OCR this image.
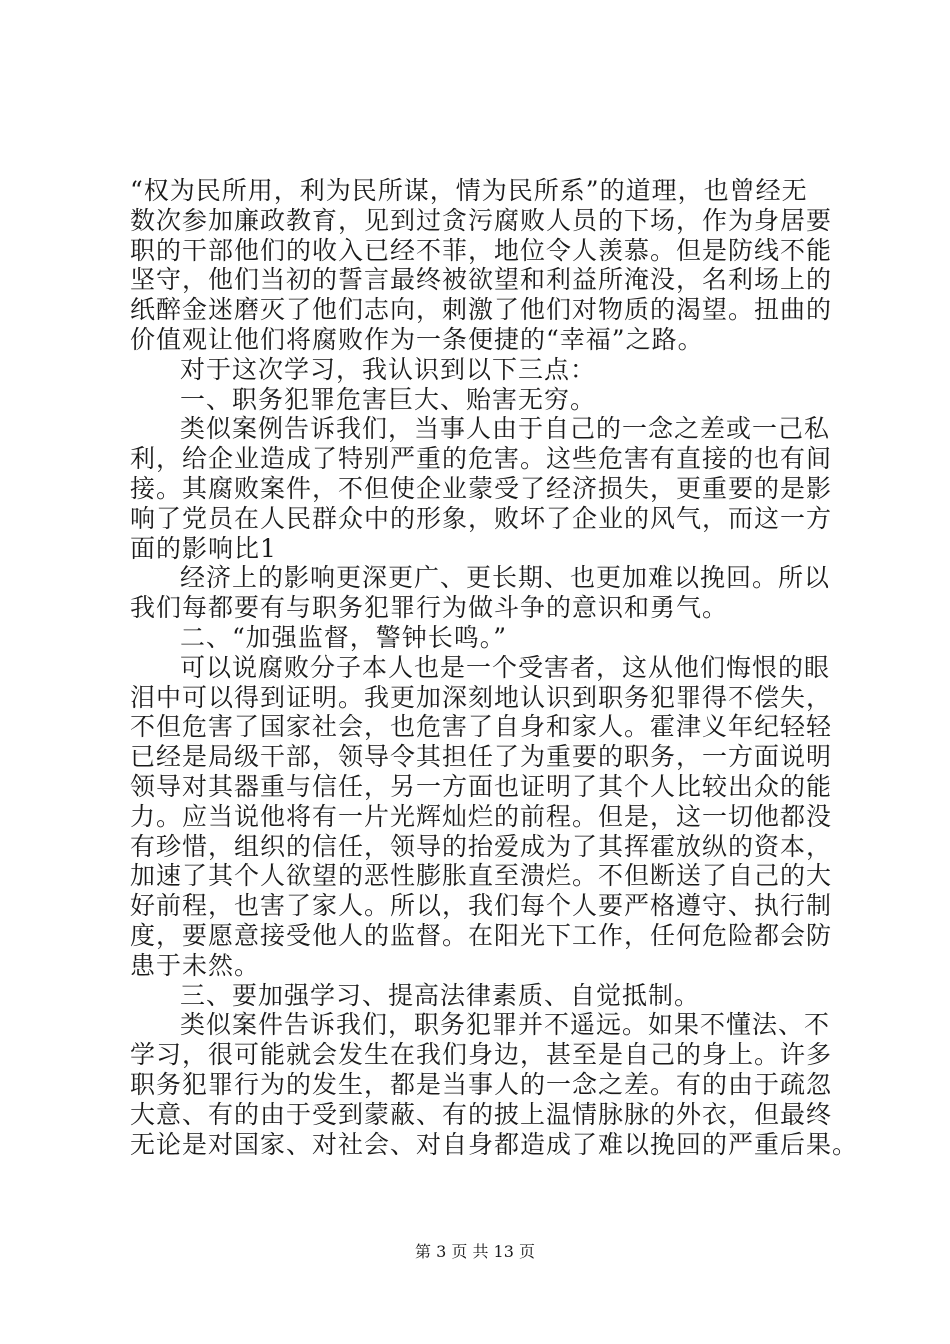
“权为民所用，利为民所谋，情为民所系”的道理，也曾经无
数次参加廉政教育，见到过贪污腐败人员的下场，作为身居要
职的干部他们的收入已经不菲，地位令人羡慕。但是防线不能
坚守，他们当初的誓言最终被欲望和利益所淹没，名利场上的
纸醉金迷磨灭了他们志向，刺激了他们对物质的渴望。扭曲的
价值观让他们将腐败作为一条便捷的“幸福”之路。
对于这次学习，我认识到以下三点：
一、职务犯罪危害巨大、贻害无穷。
类似案例告诉我们，当事人由于自己的一念之差或一己私
利，给企业造成了特别严重的危害。这些危害有直接的也有间
接。其腐败案件，不但使企业蒙受了经济损失，更重要的是影
响了党员在人民群众中的形象，败坏了企业的风气，而这一方
面的影响比1
经济上的影响更深更广、更长期、也更加难以挽回。所以
我们每都要有与职务犯罪行为做斗争的意识和勇气。
二、“加强监督，警钟长鸣。”
可以说腐败分子本人也是一个受害者，这从他们悔恨的眼
泪中可以得到证明。我更加深刻地认识到职务犯罪得不偿失，
不但危害了国家社会，也危害了自身和家人。霍津义年纪轻轻
已经是局级干部，领导令其担任了为重要的职务，一方面说明
领导对其器重与信任，另一方面也证明了其个人比较出众的能
力。应当说他将有一片光辉灿烂的前程。但是，这一切他都没
有珍惜，组织的信任，领导的抬爱成为了其挥霍放纵的资本，
加速了其个人欲望的恶性膨胀直至溃烂。不但断送了自己的大
好前程，也害了家人。所以，我们每个人要严格遵守、执行制
度，要愿意接受他人的监督。在阳光下工作，任何危险都会防
患于未然。
三、要加强学习、提高法律素质、自觉抵制。
类似案件告诉我们，职务犯罪并不遥远。如果不懂法、不
学习，很可能就会发生在我们身边，甚至是自己的身上。许多
职务犯罪行为的发生，都是当事人的一念之差。有的由于疏忽
大意、有的由于受到蒙蔽、有的披上温情脉脉的外衣，但最终
无论是对国家、对社会、对自身都造成了难以挽回的严重后果。
第 3 页 共 13 页
